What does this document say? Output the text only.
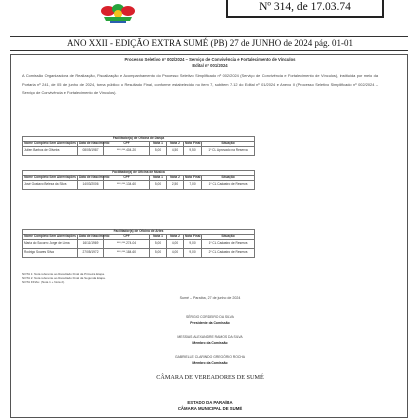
Nº 314, de 17.03.74
ANO XXII - EDIÇÃO EXTRA SUMÉ (PB) 27 de JUNHO de 2024 pág. 01-01
Processo Seletivo nº 002/2024 – Serviço de Convivência e Fortalecimento de Vínculos
Edital nº 001/2024
A Comissão Organizadora de Realização, Fiscalização e Acompanhamento do Processo Seletivo Simplificado nº 002/2024 (Serviço de Convivência e Fortalecimento de Vínculos), instituída por meio da Portaria nº 241, de 05 de junho de 2024, torna público o Resultado Final, conforme estabelecido no item 7, subitem 7.12 do Edital nº 01/2024 e Anexo II (Processo Seletivo Simplificado nº 002/2024 – Serviço de Convivência e Fortalecimento de Vínculos).
Facilitador(a) de Oficina de Dança						
Nome Completo Sem Abreviações	Data de Nascimento	CPF	Nota 1	Nota 2	Nota Final	Situação
Julien Barbos de Oliveira	08/05/1987	***.***.404-20	5,00	4,50	9,50	1º CL Aprovado na Reserva
Facilitador(a) de Oficina de Música						
Nome Completo Sem Abreviações	Data de Nascimento	CPF	Nota 1	Nota 2	Nota Final	Situação
José Gustavo Beleza da Silva	14/03/2006	***.***.134-60	5,00	2,50	7,00	1º CL Cadastro de Reserva
Facilitador(a) de Oficina de Artes						
Nome Completo Sem Abreviações	Data de Nascimento	CPF	Nota 1	Nota 2	Nota Final	Situação
Maria do Socorro Jorge de Lima	16/11/1969	***.***.274-04	5,00	4,00	9,00	1º CL Cadastro de Reserva
Rodrigo Soares Silva	27/05/1972	***.***.184-60	5,00	4,00	9,00	2º CL Cadastro de Reserva
NOTA 1: Nota referente ao Resultado Final da Primeira Etapa.
NOTA 2: Nota referente ao Resultado Final da Segunda Etapa.
NOTA FINAL: (Nota 1 + Nota 2).
Sumé – Paraíba, 27 de junho de 2024
SÉRGIO CORDEIRO DA SILVA
Presidente da Comissão
MESSIAS ALEXANDRE RAMOS DA SILVA
Membro da Comissão
GABRIELLE CLARINDO GREGÓRIO ROCHA
Membro da Comissão
CÂMARA DE VEREADORES DE SUMÉ
ESTADO DA PARAÍBA
CÂMARA MUNICIPAL DE SUMÉ
